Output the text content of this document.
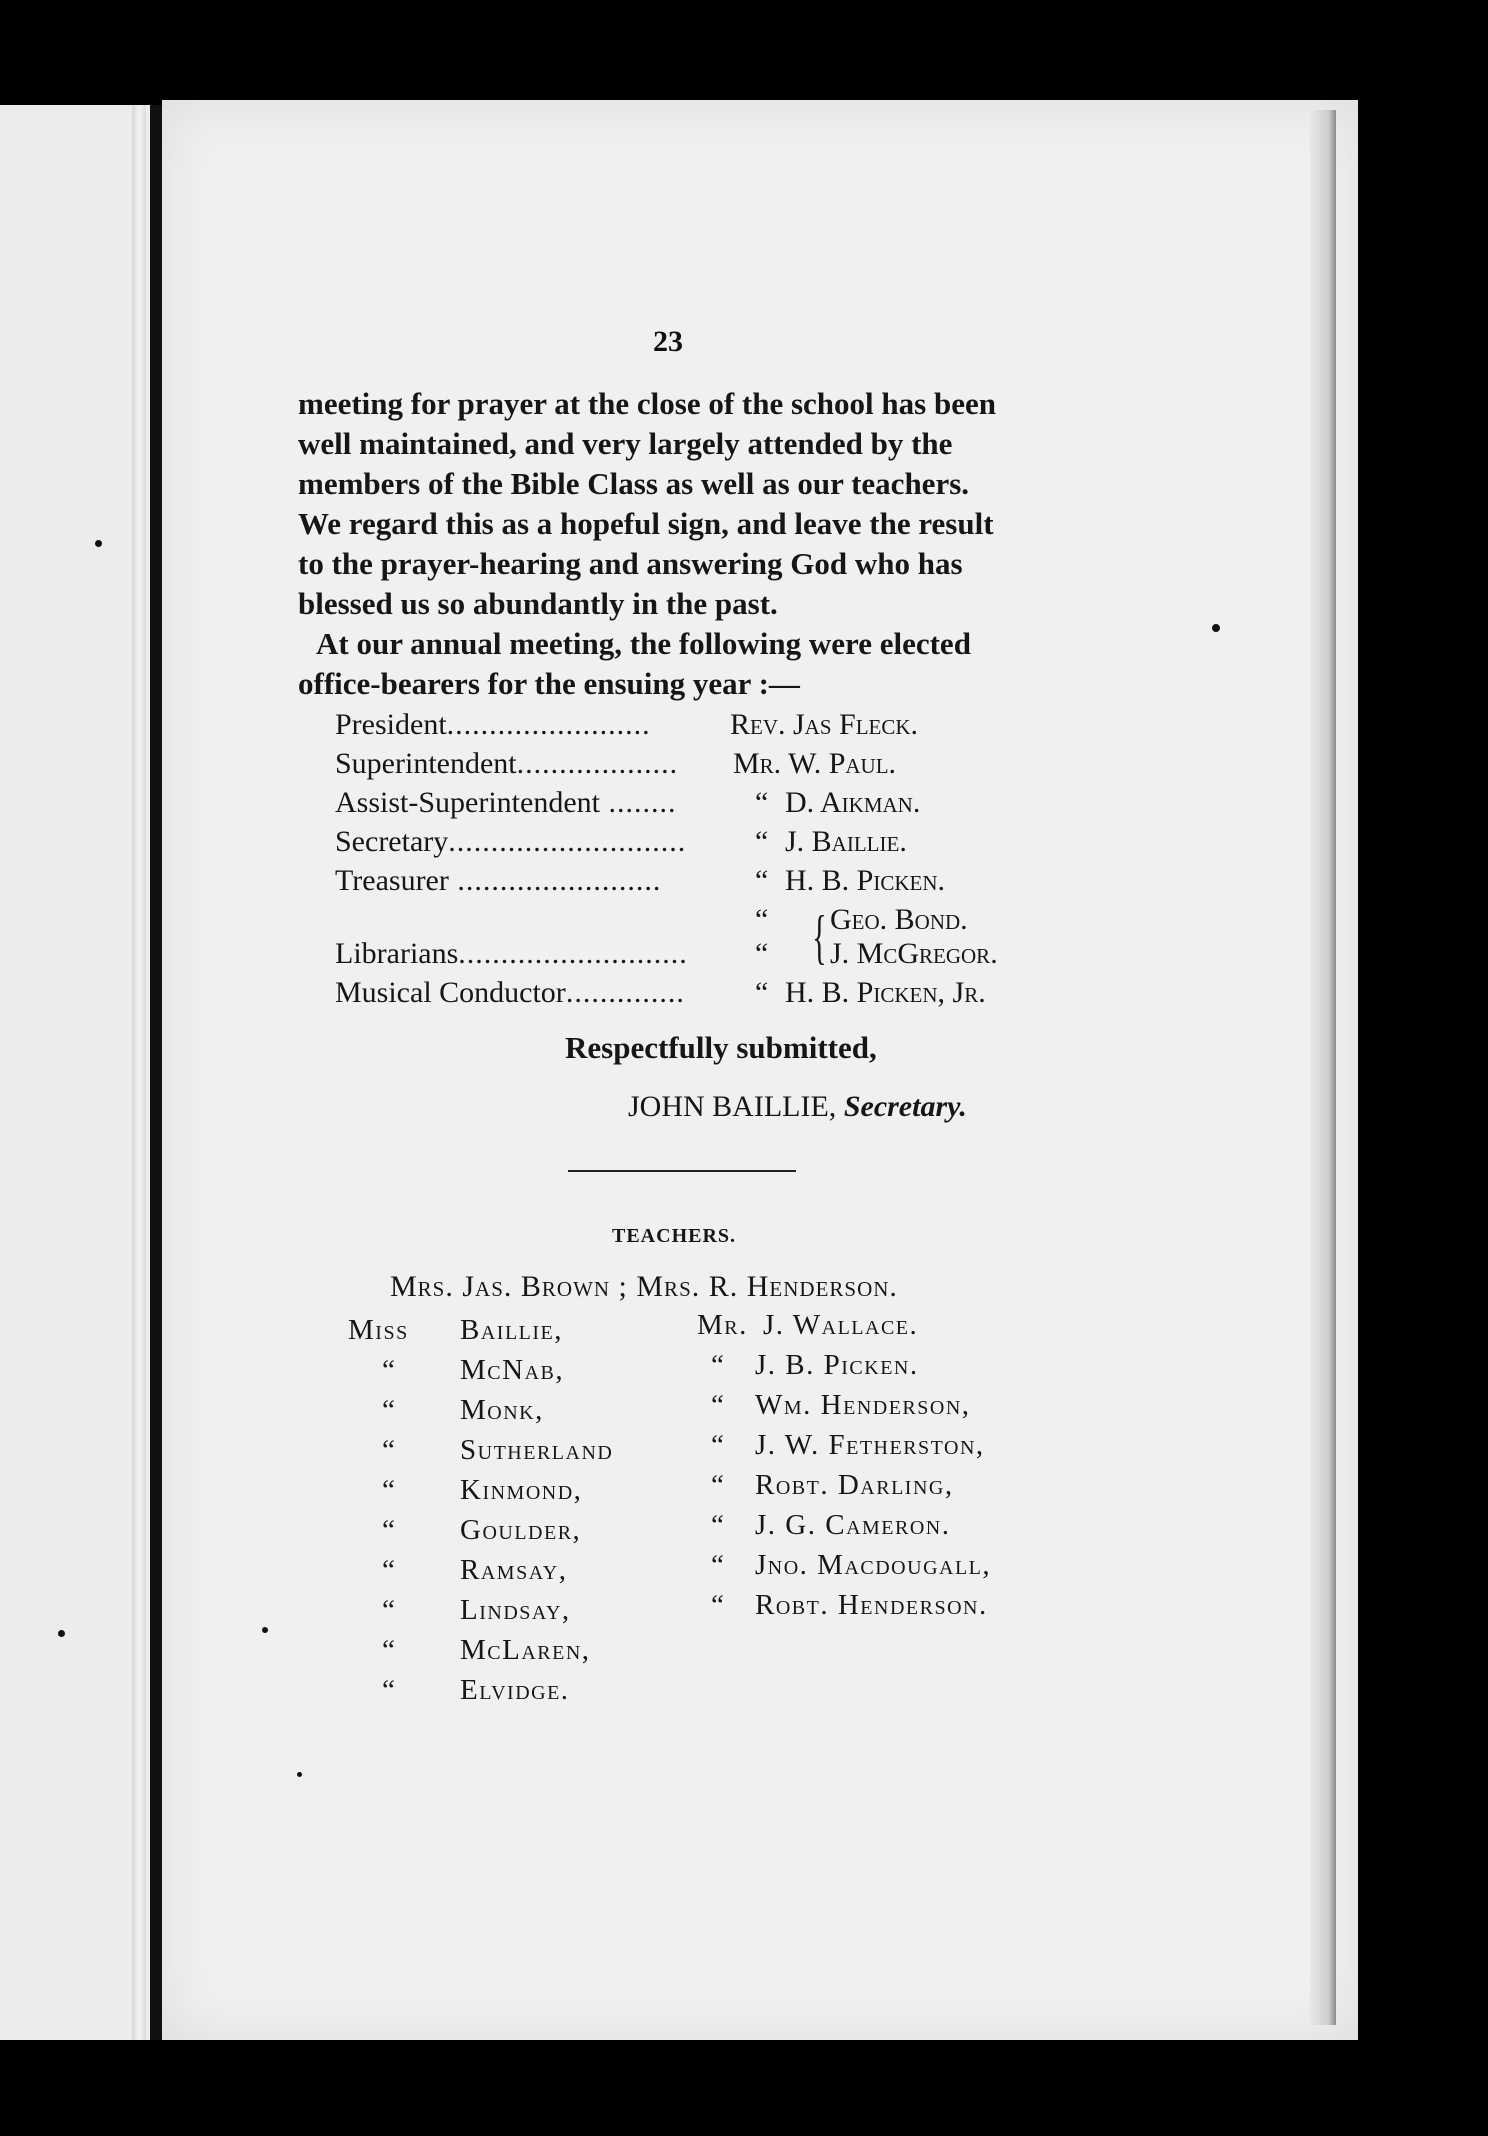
23
meeting for prayer at the close of the school has been
well maintained, and very largely attended by the
members of the Bible Class as well as our teachers.
We regard this as a hopeful sign, and leave the result
to the prayer-hearing and answering God who has
blessed us so abundantly in the past.
At our annual meeting, the following were elected
office-bearers for the ensuing year :—
President........................	Rev. Jas Fleck.
Superintendent................... Mr. W. Paul.
Assist-Superintendent ........	“ D. Aikman.
Secretary............................ “ J. Baillie.
Treasurer ........................	“ H. B. Picken.
“ { Geo. Bond.
Librarians........................... “ J. McGregor.
Musical Conductor.............. “ H. B. Picken, Jr.
Respectfully submitted,
JOHN BAILLIE, Secretary.
TEACHERS.
Mrs. Jas. Brown ; Mrs. R. Henderson.
Miss Baillie,
“ McNab,
“ Monk,
“ Sutherland
“ Kinmond,
“ Goulder,
“ Ramsay,
“ Lindsay,
“ McLaren,
“ Elvidge.
Mr. J. Wallace.
“ J. B. Picken.
“ Wm. Henderson,
“ J. W. Fetherston,
“ Robt. Darling,
“ J. G. Cameron.
“ Jno. Macdougall,
“ Robt. Henderson.
